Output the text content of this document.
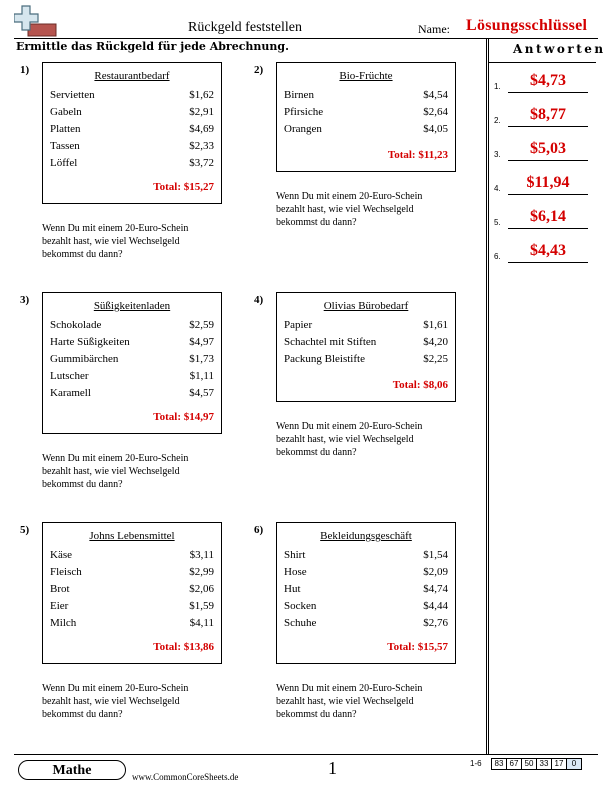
Rückgeld feststellen	Name: Lösungsschlüssel
Ermittle das Rückgeld für jede Abrechnung.	Antworten
1.	$4,73
2.	$8,77
3.	$5,03
4.	$11,94
5.	$6,14
6.	$4,43
1)	Restaurantbedarf
Servietten	$1,62
Gabeln	$2,91
Platten	$4,69
Tassen	$2,33
Löffel	$3,72
Total: $15,27
Wenn Du mit einem 20-Euro-Schein
bezahlt hast, wie viel Wechselgeld
bekommst du dann?
2)	Bio-Früchte
Birnen	$4,54
Pfirsiche	$2,64
Orangen	$4,05
Total: $11,23
Wenn Du mit einem 20-Euro-Schein
bezahlt hast, wie viel Wechselgeld
bekommst du dann?
3)	Süßigkeitenladen
Schokolade	$2,59
Harte Süßigkeiten	$4,97
Gummibärchen	$1,73
Lutscher	$1,11
Karamell	$4,57
Total: $14,97
Wenn Du mit einem 20-Euro-Schein
bezahlt hast, wie viel Wechselgeld
bekommst du dann?
4)	Olivias Bürobedarf
Papier	$1,61
Schachtel mit Stiften	$4,20
Packung Bleistifte	$2,25
Total: $8,06
Wenn Du mit einem 20-Euro-Schein
bezahlt hast, wie viel Wechselgeld
bekommst du dann?
5)	Johns Lebensmittel
Käse	$3,11
Fleisch	$2,99
Brot	$2,06
Eier	$1,59
Milch	$4,11
Total: $13,86
Wenn Du mit einem 20-Euro-Schein
bezahlt hast, wie viel Wechselgeld
bekommst du dann?
6)	Bekleidungsgeschäft
Shirt	$1,54
Hose	$2,09
Hut	$4,74
Socken	$4,44
Schuhe	$2,76
Total: $15,57
Wenn Du mit einem 20-Euro-Schein
bezahlt hast, wie viel Wechselgeld
bekommst du dann?
Mathe	www.CommonCoreSheets.de	1	1-6	83 67 50 33 17	0
